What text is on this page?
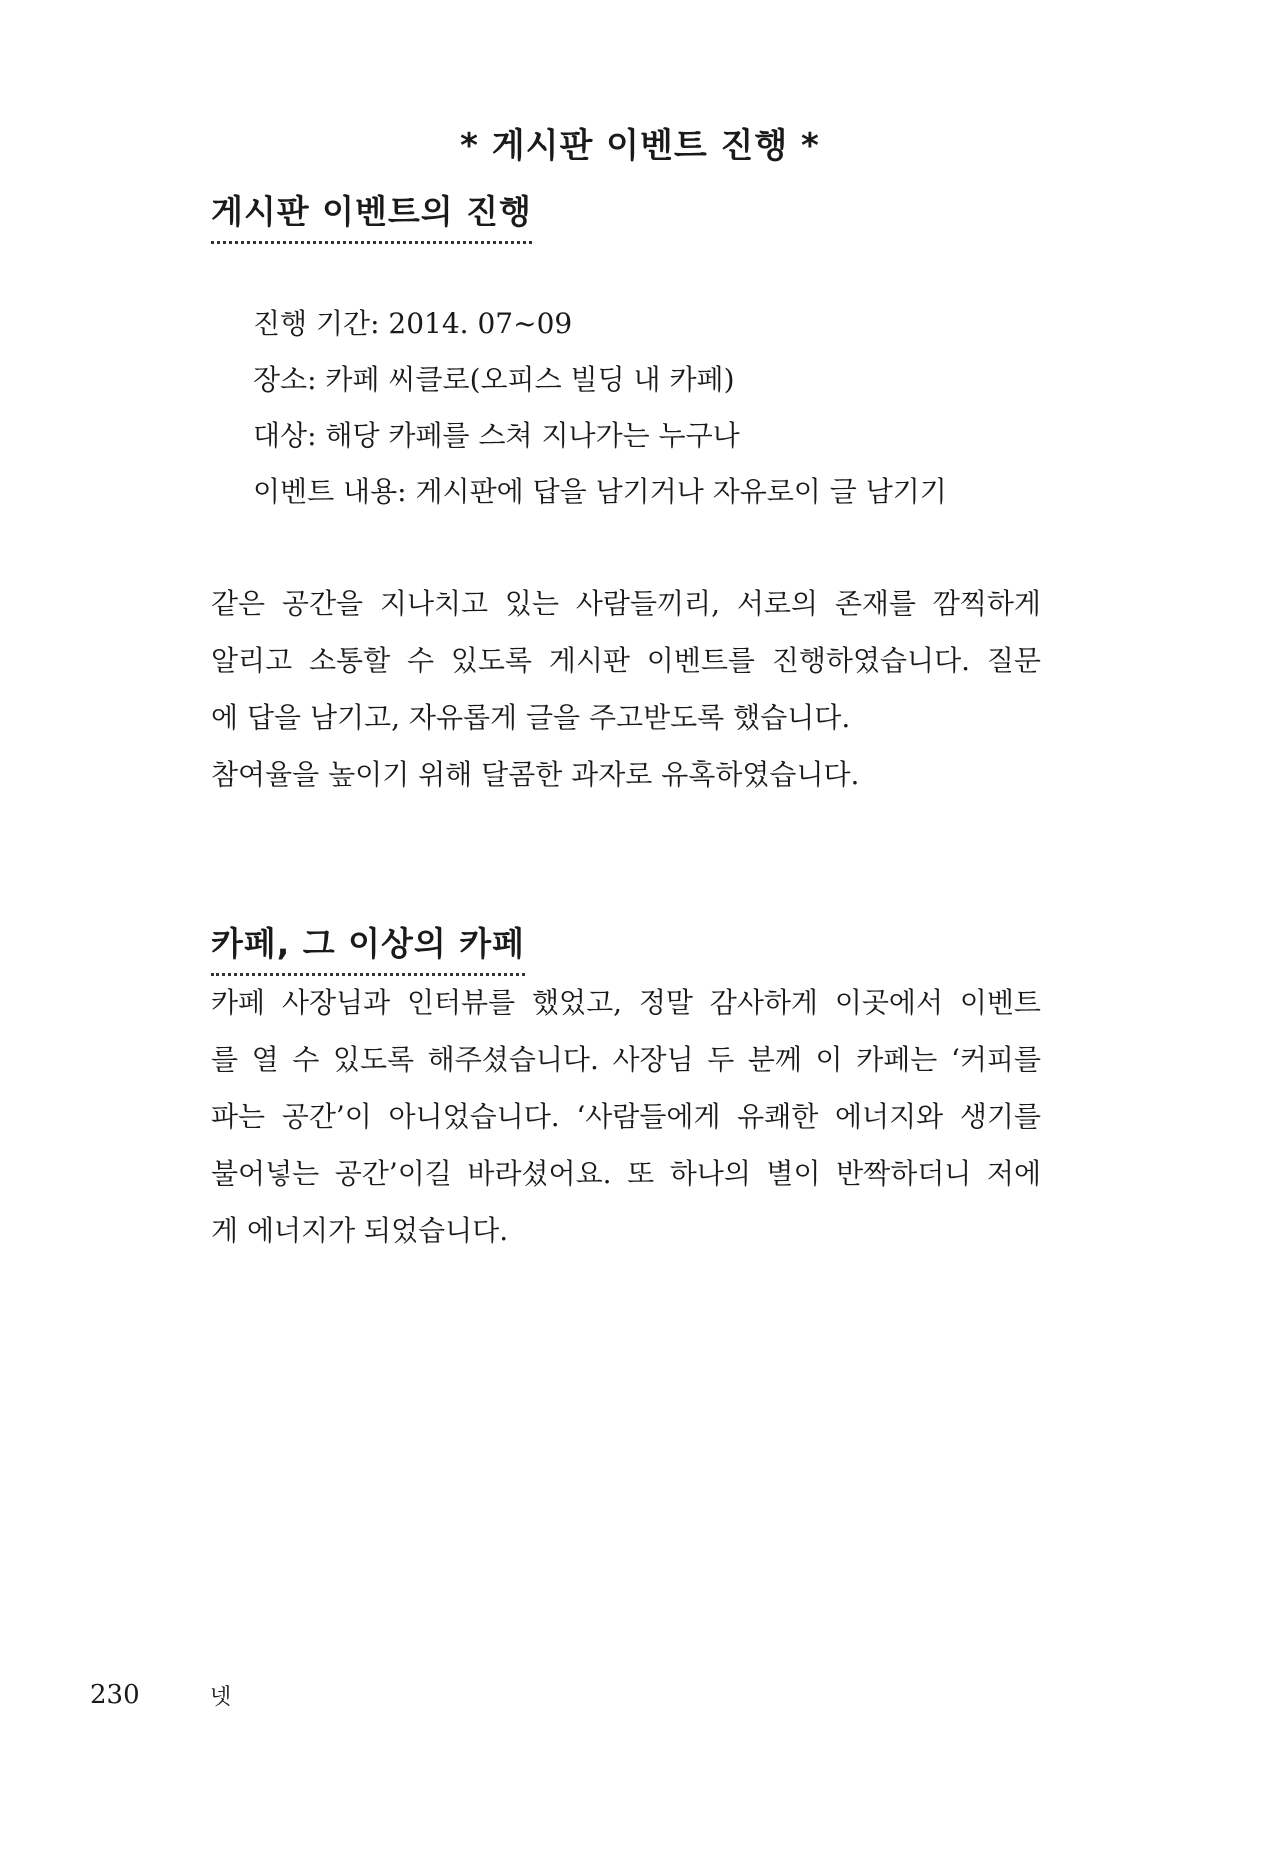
* 게시판 이벤트 진행 *
게시판 이벤트의 진행
진행 기간: 2014. 07~09
장소: 카페 씨클로(오피스 빌딩 내 카페)
대상: 해당 카페를 스쳐 지나가는 누구나
이벤트 내용: 게시판에 답을 남기거나 자유로이 글 남기기

같은 공간을 지나치고 있는 사람들끼리, 서로의 존재를 깜찍하게
알리고 소통할 수 있도록 게시판 이벤트를 진행하였습니다. 질문
에 답을 남기고, 자유롭게 글을 주고받도록 했습니다.
참여율을 높이기 위해 달콤한 과자로 유혹하였습니다.

카페, 그 이상의 카페

카페 사장님과 인터뷰를 했었고, 정말 감사하게 이곳에서 이벤트
를 열 수 있도록 해주셨습니다. 사장님 두 분께 이 카페는 ‘커피를
파는 공간’이 아니었습니다. ‘사람들에게 유쾌한 에너지와 생기를
불어넣는 공간’이길 바라셨어요. 또 하나의 별이 반짝하더니 저에
게 에너지가 되었습니다.

230	넷
